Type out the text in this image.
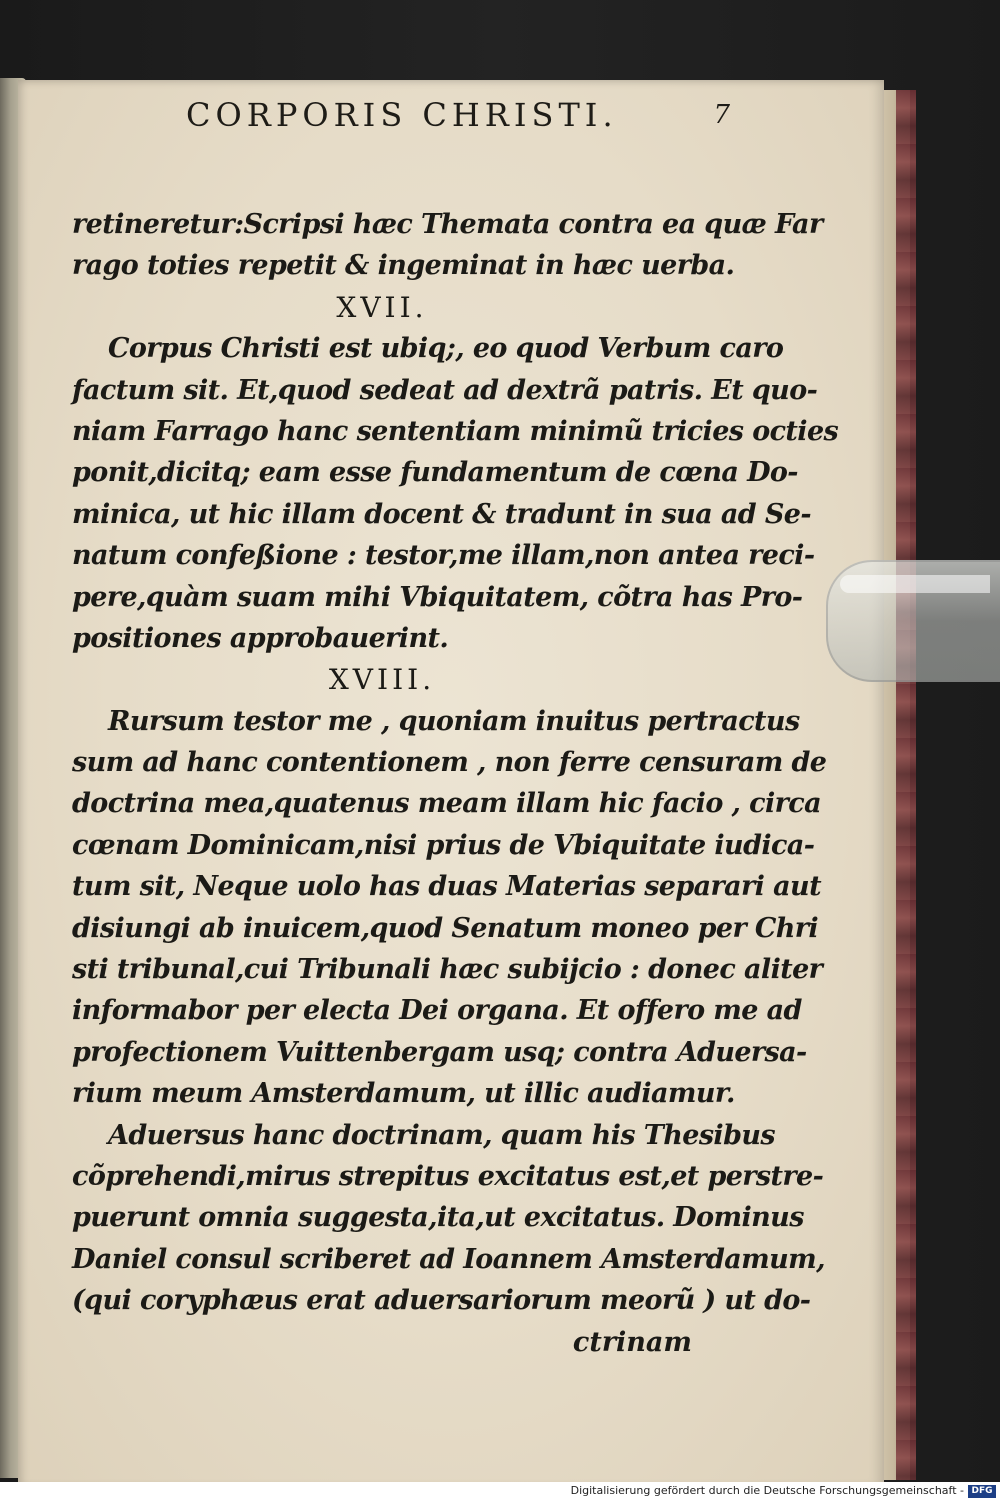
CORPORIS CHRISTI.	7
retineretur:Scripsi hæc Themata contra ea quæ Far
rago toties repetit & ingeminat in hæc uerba.
XVII.
Corpus Christi est ubiq;, eo quod Verbum caro
factum sit. Et,quod sedeat ad dextrã patris. Et quo-
niam Farrago hanc sententiam minimũ tricies octies
ponit,dicitq; eam esse fundamentum de cœna Do-
minica, ut hic illam docent & tradunt in sua ad Se-
natum confeßione : testor,me illam,non antea reci-
pere,quàm suam mihi Vbiquitatem, cõtra has Pro-
positiones approbauerint.
XVIII.
Rursum testor me , quoniam inuitus pertractus
sum ad hanc contentionem , non ferre censuram de
doctrina mea,quatenus meam illam hic facio , circa
cœnam Dominicam,nisi prius de Vbiquitate iudica-
tum sit, Neque uolo has duas Materias separari aut
disiungi ab inuicem,quod Senatum moneo per Chri
sti tribunal,cui Tribunali hæc subijcio : donec aliter
informabor per electa Dei organa. Et offero me ad
profectionem Vuittenbergam usq; contra Aduersa-
rium meum Amsterdamum, ut illic audiamur.
Aduersus hanc doctrinam, quam his Thesibus
cõprehendi,mirus strepitus excitatus est,et perstre-
puerunt omnia suggesta,ita,ut excitatus. Dominus
Daniel consul scriberet ad Ioannem Amsterdamum,
(qui coryphæus erat aduersariorum meorũ ) ut do-
ctrinam
Digitalisierung gefördert durch die Deutsche Forschungsgemeinschaft - DFG
